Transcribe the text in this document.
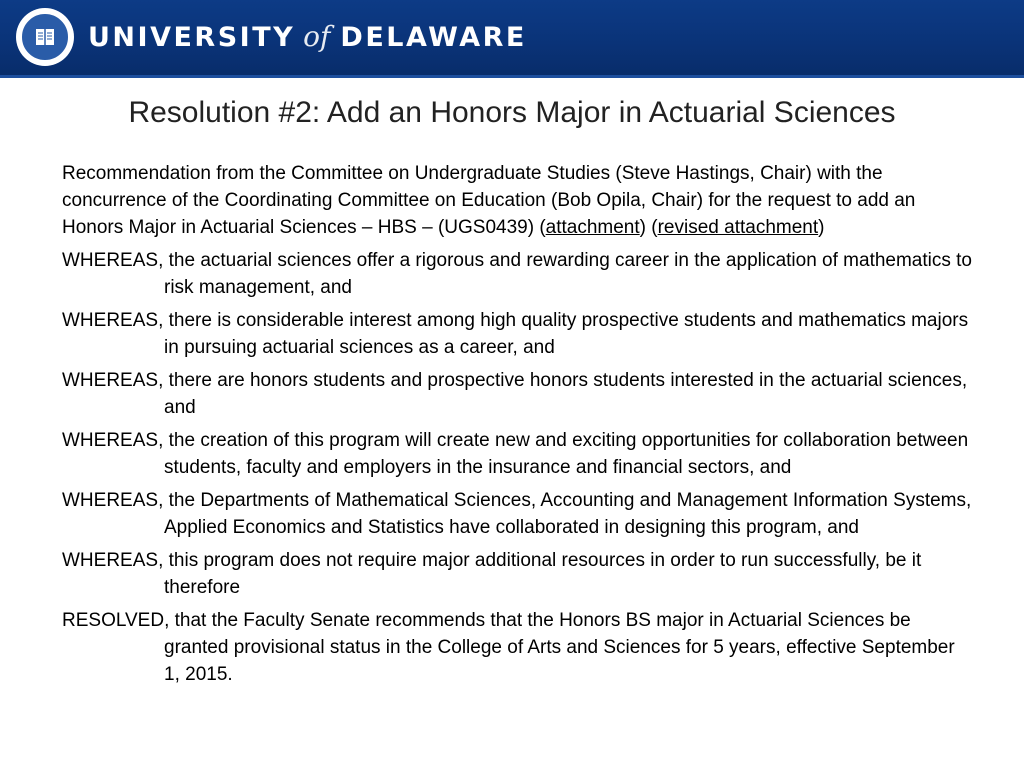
UNIVERSITY of DELAWARE
Resolution #2: Add an Honors Major in Actuarial Sciences

Recommendation from the Committee on Undergraduate Studies (Steve Hastings, Chair) with the concurrence of the Coordinating Committee on Education (Bob Opila, Chair) for the request to add an Honors Major in Actuarial Sciences – HBS – (UGS0439) (attachment) (revised attachment)

WHEREAS, the actuarial sciences offer a rigorous and rewarding career in the application of mathematics to risk management, and

WHEREAS, there is considerable interest among high quality prospective students and mathematics majors in pursuing actuarial sciences as a career, and

WHEREAS, there are honors students and prospective honors students interested in the actuarial sciences, and

WHEREAS, the creation of this program will create new and exciting opportunities for collaboration between students, faculty and employers in the insurance and financial sectors, and

WHEREAS, the Departments of Mathematical Sciences, Accounting and Management Information Systems, Applied Economics and Statistics have collaborated in designing this program, and

WHEREAS, this program does not require major additional resources in order to run successfully, be it therefore

RESOLVED, that the Faculty Senate recommends that the Honors BS major in Actuarial Sciences be granted provisional status in the College of Arts and Sciences for 5 years, effective September 1, 2015.
